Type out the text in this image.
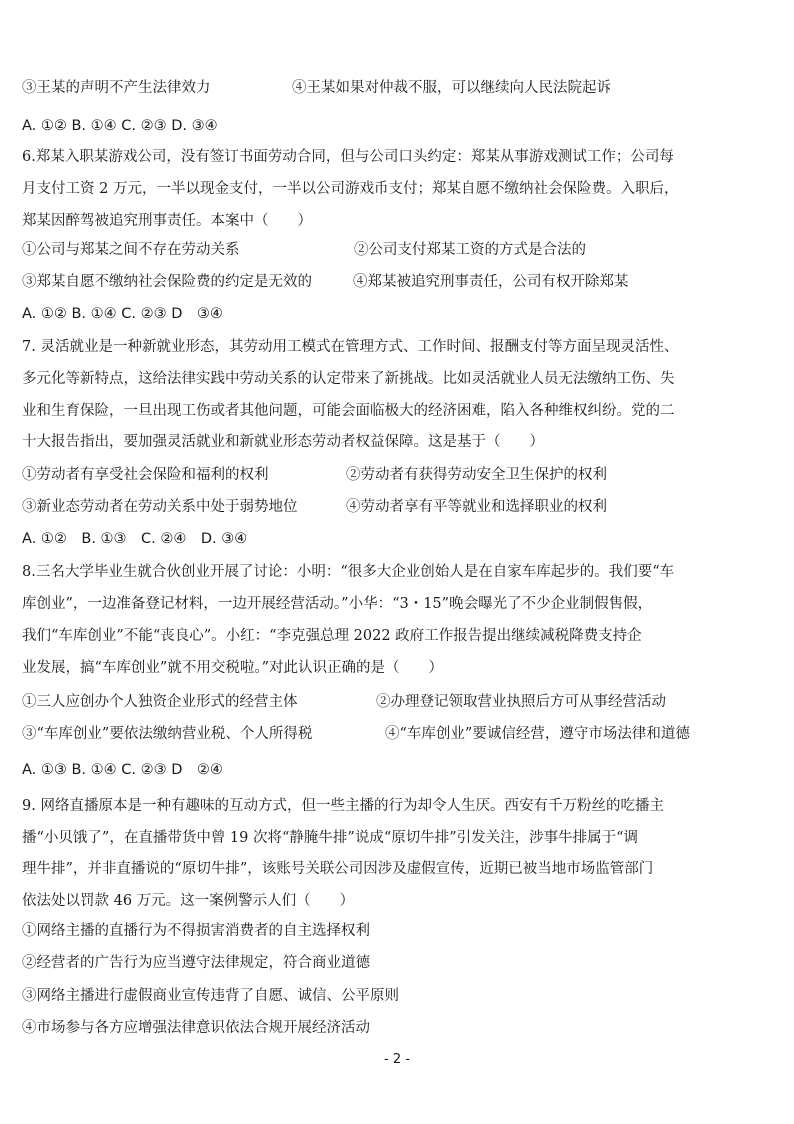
③王某的声明不产生法律效力	④王某如果对仲裁不服，可以继续向人民法院起诉
A. ①② B. ①④ C. ②③ D. ③④
6.郑某入职某游戏公司，没有签订书面劳动合同，但与公司口头约定：郑某从事游戏测试工作；公司每
月支付工资 2 万元，一半以现金支付，一半以公司游戏币支付；郑某自愿不缴纳社会保险费。入职后，
郑某因醉驾被追究刑事责任。本案中（　　）
①公司与郑某之间不存在劳动关系	②公司支付郑某工资的方式是合法的
③郑某自愿不缴纳社会保险费的约定是无效的	④郑某被追究刑事责任，公司有权开除郑某
A. ①② B. ①④ C. ②③ D　③④
7. 灵活就业是一种新就业形态，其劳动用工模式在管理方式、工作时间、报酬支付等方面呈现灵活性、
多元化等新特点，这给法律实践中劳动关系的认定带来了新挑战。比如灵活就业人员无法缴纳工伤、失
业和生育保险，一旦出现工伤或者其他问题，可能会面临极大的经济困难，陷入各种维权纠纷。党的二
十大报告指出，要加强灵活就业和新就业形态劳动者权益保障。这是基于（　　）
①劳动者有享受社会保险和福利的权利	②劳动者有获得劳动安全卫生保护的权利
③新业态劳动者在劳动关系中处于弱势地位	④劳动者享有平等就业和选择职业的权利
A. ①②　B. ①③　C. ②④　D. ③④
8.三名大学毕业生就合伙创业开展了讨论：小明：“很多大企业创始人是在自家车库起步的。我们要“车
库创业”，一边准备登记材料，一边开展经营活动。”小华：“3・15”晚会曝光了不少企业制假售假，
我们“车库创业”不能“丧良心”。小红：“李克强总理 2022 政府工作报告提出继续减税降费支持企
业发展，搞“车库创业”就不用交税啦。”对此认识正确的是（　　）
①三人应创办个人独资企业形式的经营主体	②办理登记领取营业执照后方可从事经营活动
③“车库创业”要依法缴纳营业税、个人所得税	④“车库创业”要诚信经营，遵守市场法律和道德
A. ①③ B. ①④ C. ②③ D　②④
9. 网络直播原本是一种有趣味的互动方式，但一些主播的行为却令人生厌。西安有千万粉丝的吃播主
播“小贝饿了”，在直播带货中曾 19 次将“静腌牛排”说成“原切牛排”引发关注，涉事牛排属于“调
理牛排”，并非直播说的“原切牛排”，该账号关联公司因涉及虚假宣传，近期已被当地市场监管部门
依法处以罚款 46 万元。这一案例警示人们（　　）
①网络主播的直播行为不得损害消费者的自主选择权利
②经营者的广告行为应当遵守法律规定，符合商业道德
③网络主播进行虚假商业宣传违背了自愿、诚信、公平原则
④市场参与各方应增强法律意识依法合规开展经济活动
- 2 -
